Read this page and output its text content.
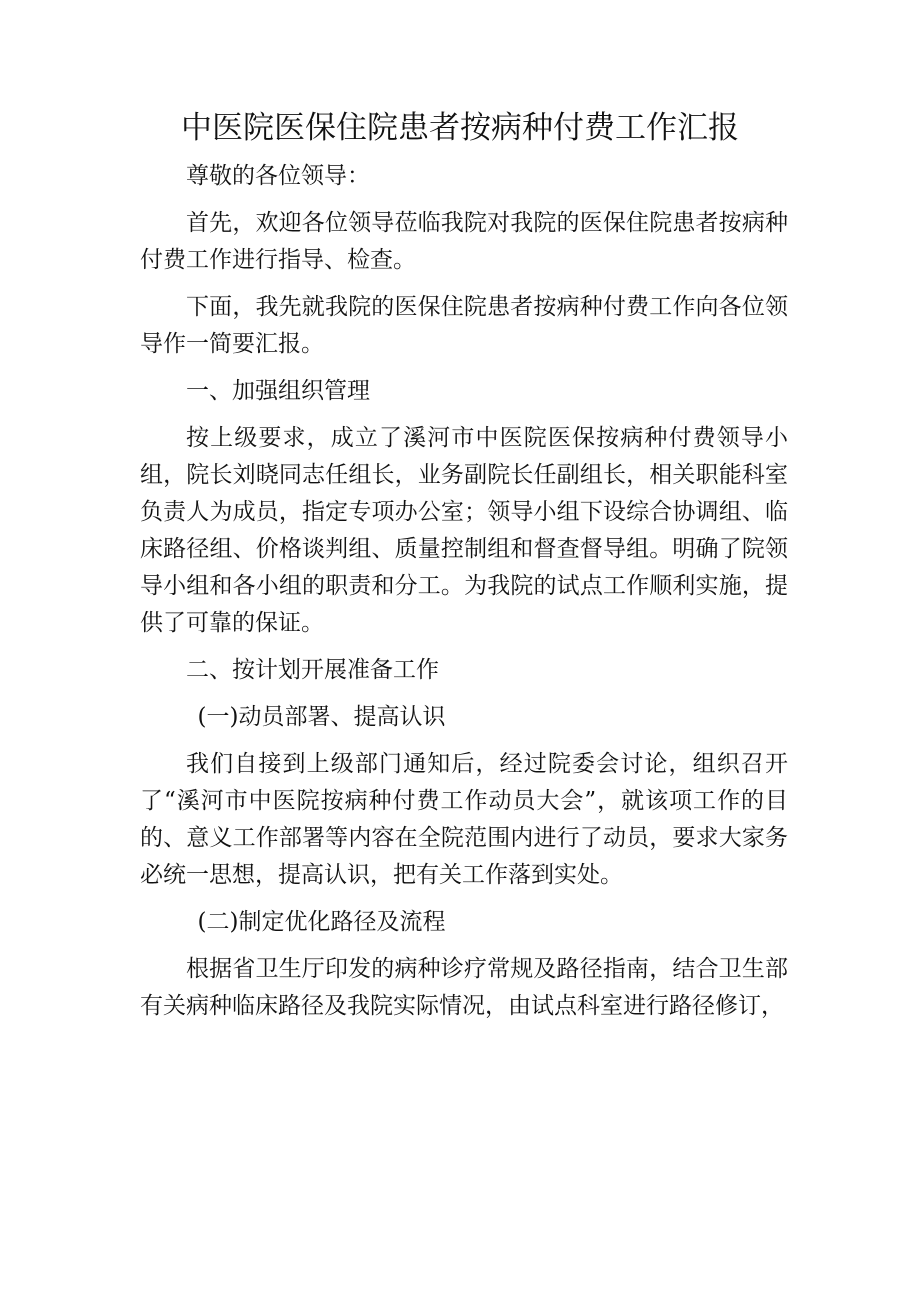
中医院医保住院患者按病种付费工作汇报

尊敬的各位领导：

首先，欢迎各位领导莅临我院对我院的医保住院患者按病种付费工作进行指导、检查。

下面，我先就我院的医保住院患者按病种付费工作向各位领导作一简要汇报。

一、加强组织管理

按上级要求，成立了溪河市中医院医保按病种付费领导小组，院长刘晓同志任组长，业务副院长任副组长，相关职能科室负责人为成员，指定专项办公室；领导小组下设综合协调组、临床路径组、价格谈判组、质量控制组和督查督导组。明确了院领导小组和各小组的职责和分工。为我院的试点工作顺利实施，提供了可靠的保证。

二、按计划开展准备工作

(一)动员部署、提高认识

我们自接到上级部门通知后，经过院委会讨论，组织召开了“溪河市中医院按病种付费工作动员大会”，就该项工作的目的、意义工作部署等内容在全院范围内进行了动员，要求大家务必统一思想，提高认识，把有关工作落到实处。

(二)制定优化路径及流程

根据省卫生厅印发的病种诊疗常规及路径指南，结合卫生部有关病种临床路径及我院实际情况，由试点科室进行路径修订，
